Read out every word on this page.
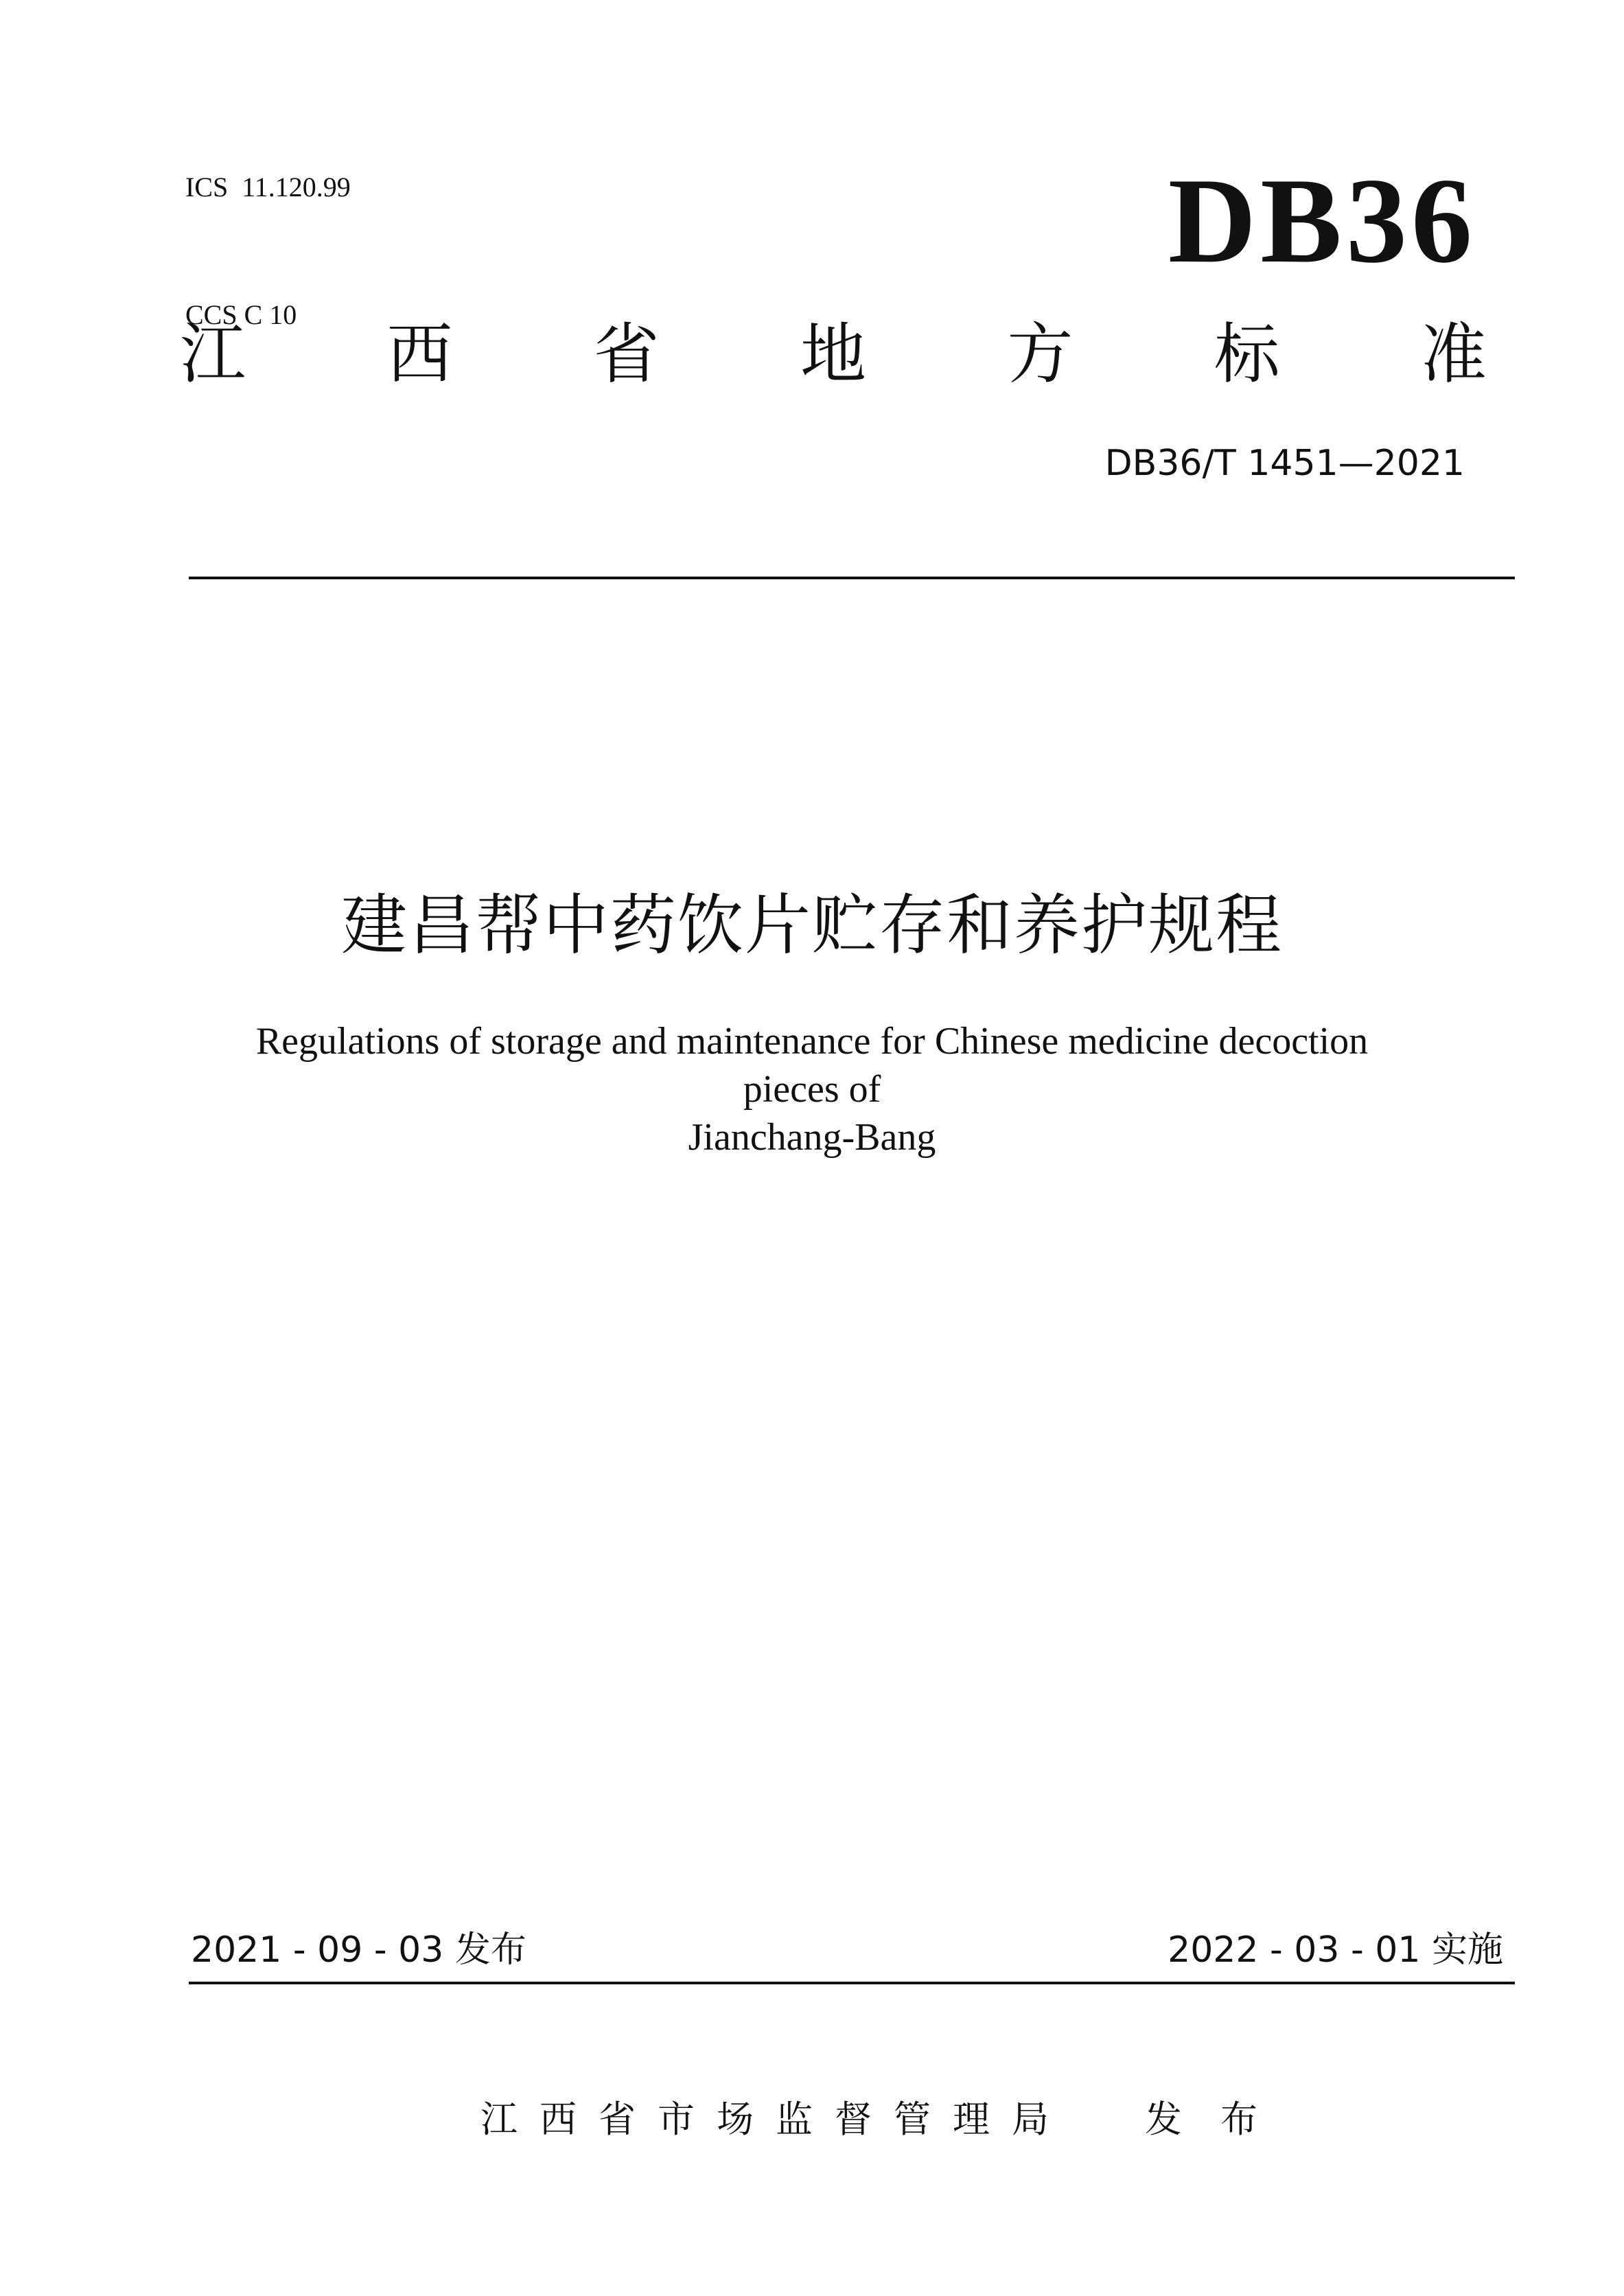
ICS  11.120.99

CCS C 10

DB36
江 西 省 地 方 标 准
DB36/T 1451—2021
建昌帮中药饮片贮存和养护规程
Regulations of storage and maintenance for Chinese medicine decoction pieces of
Jianchang-Bang
2021 - 09 - 03 发布	2022 - 03 - 01 实施
江西省市场监督管理局 发布
